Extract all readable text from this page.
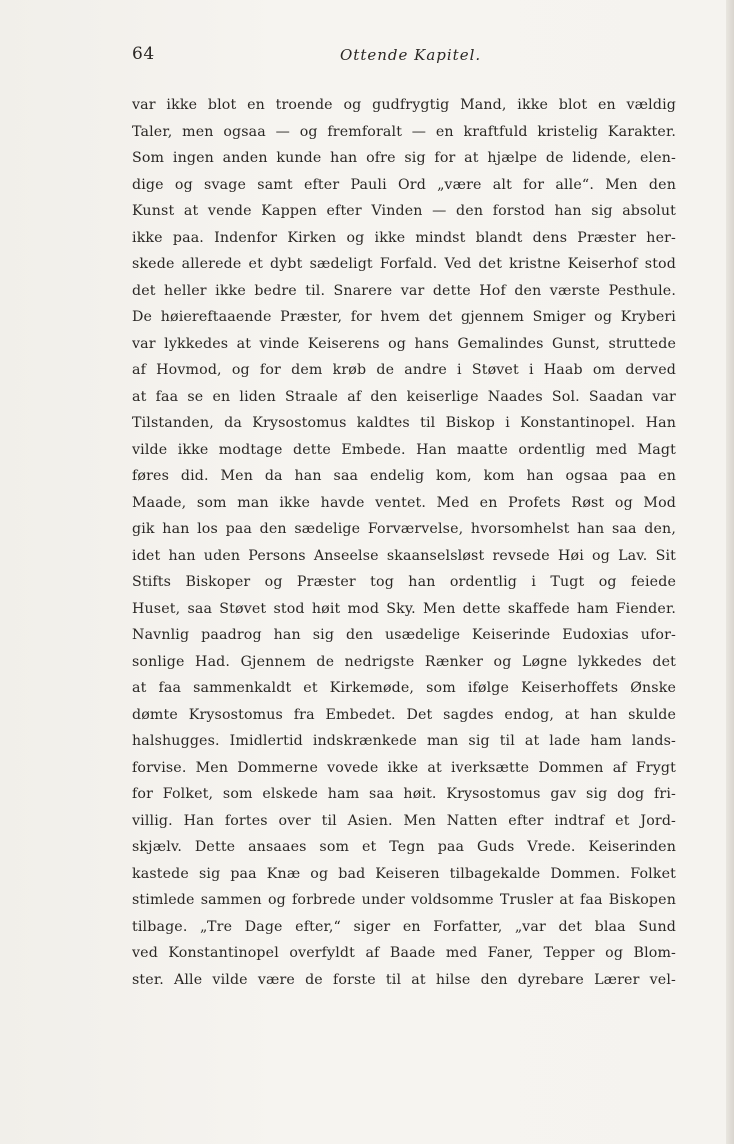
64	Ottende Kapitel.
var ikke blot en troende og gudfrygtig Mand, ikke blot en vældig
Taler, men ogsaa — og fremforalt — en kraftfuld kristelig Karakter.
Som ingen anden kunde han ofre sig for at hjælpe de lidende, elen-
dige og svage samt efter Pauli Ord „være alt for alle“. Men den
Kunst at vende Kappen efter Vinden — den forstod han sig absolut
ikke paa. Indenfor Kirken og ikke mindst blandt dens Præster her-
skede allerede et dybt sædeligt Forfald. Ved det kristne Keiserhof stod
det heller ikke bedre til. Snarere var dette Hof den værste Pesthule.
De høiereftaaende Præster, for hvem det gjennem Smiger og Kryberi
var lykkedes at vinde Keiserens og hans Gemalindes Gunst, struttede
af Hovmod, og for dem krøb de andre i Støvet i Haab om derved
at faa se en liden Straale af den keiserlige Naades Sol. Saadan var
Tilstanden, da Krysostomus kaldtes til Biskop i Konstantinopel. Han
vilde ikke modtage dette Embede. Han maatte ordentlig med Magt
føres did. Men da han saa endelig kom, kom han ogsaa paa en
Maade, som man ikke havde ventet. Med en Profets Røst og Mod
gik han los paa den sædelige Forværvelse, hvorsomhelst han saa den,
idet han uden Persons Anseelse skaanselsløst revsede Høi og Lav. Sit
Stifts Biskoper og Præster tog han ordentlig i Tugt og feiede
Huset, saa Støvet stod høit mod Sky. Men dette skaffede ham Fiender.
Navnlig paadrog han sig den usædelige Keiserinde Eudoxias ufor-
sonlige Had. Gjennem de nedrigste Rænker og Løgne lykkedes det
at faa sammenkaldt et Kirkemøde, som ifølge Keiserhoffets Ønske
dømte Krysostomus fra Embedet. Det sagdes endog, at han skulde
halshugges. Imidlertid indskrænkede man sig til at lade ham lands-
forvise. Men Dommerne vovede ikke at iverksætte Dommen af Frygt
for Folket, som elskede ham saa høit. Krysostomus gav sig dog fri-
villig. Han fortes over til Asien. Men Natten efter indtraf et Jord-
skjælv. Dette ansaaes som et Tegn paa Guds Vrede. Keiserinden
kastede sig paa Knæ og bad Keiseren tilbagekalde Dommen. Folket
stimlede sammen og forbrede under voldsomme Trusler at faa Biskopen
tilbage. „Tre Dage efter,“ siger en Forfatter, „var det blaa Sund
ved Konstantinopel overfyldt af Baade med Faner, Tepper og Blom-
ster. Alle vilde være de forste til at hilse den dyrebare Lærer vel-
